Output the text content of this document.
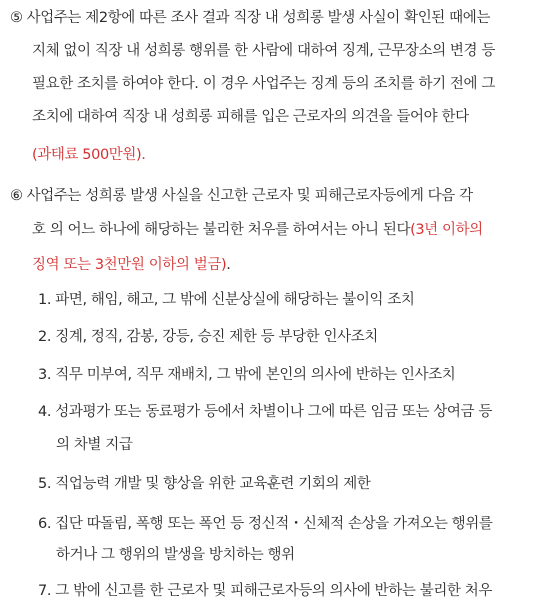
⑤ 사업주는 제2항에 따른 조사 결과 직장 내 성희롱 발생 사실이 확인된 때에는
지체 없이 직장 내 성희롱 행위를 한 사람에 대하여 징계, 근무장소의 변경 등
필요한 조치를 하여야 한다. 이 경우 사업주는 징계 등의 조치를 하기 전에 그
조치에 대하여 직장 내 성희롱 피해를 입은 근로자의 의견을 들어야 한다
(과태료 500만원).
⑥ 사업주는 성희롱 발생 사실을 신고한 근로자 및 피해근로자등에게 다음 각
호 의 어느 하나에 해당하는 불리한 처우를 하여서는 아니 된다(3년 이하의
징역 또는 3천만원 이하의 벌금).
1. 파면, 해임, 해고, 그 밖에 신분상실에 해당하는 불이익 조치
2. 징계, 정직, 감봉, 강등, 승진 제한 등 부당한 인사조치
3. 직무 미부여, 직무 재배치, 그 밖에 본인의 의사에 반하는 인사조치
4. 성과평가 또는 동료평가 등에서 차별이나 그에 따른 임금 또는 상여금 등
의 차별 지급
5. 직업능력 개발 및 향상을 위한 교육훈련 기회의 제한
6. 집단 따돌림, 폭행 또는 폭언 등 정신적・신체적 손상을 가져오는 행위를
하거나 그 행위의 발생을 방치하는 행위
7. 그 밖에 신고를 한 근로자 및 피해근로자등의 의사에 반하는 불리한 처우
